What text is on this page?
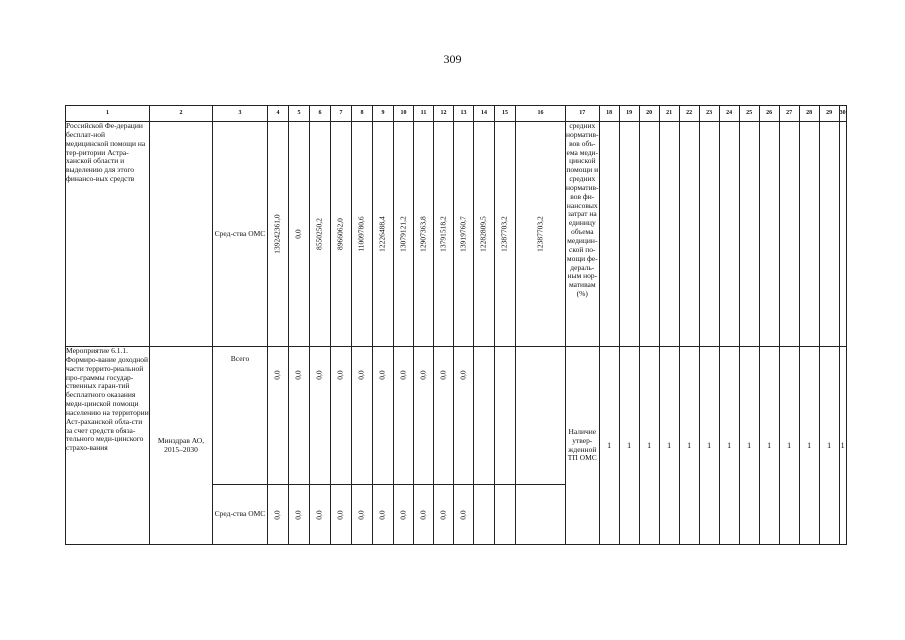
309
1	2	3	4	5	6	7	8	9	10	11	12	13	14	15	16	17	18	19	20	21	22	23	24	25	26	27	28	29	30
Российской Фе-дерации бесплат-ной медицинской помощи на тер-ритории Астра-ханской области и выделению для этого финансо-вых средств		Сред-ства ОМС	139242361,0	0,0	8550250,2	8966062,0	11009780,6	12226488,4	13079121,2	12907363,8	13791518,2	13919760,7	12282809,5	12387703,2	12387703,2	средних норматив-вов объ-ема меди-цинской помощи и средних норматив-вов фи-нансовых затрат на единицу объема медицин-ской по-мощи фе-дераль-ным нор-мативам (%)													
Мероприятие 6.1.1. Формиро-вание доходной части террито-риальной про-граммы государ-ственных гаран-тий бесплатного оказания меди-цинской помощи населению на территории Аст-раханской обла-сти за счет средств обяза-тельного меди-цинского страхо-вания	Минздрав АО, 2015–2030	Всего	0,0	0,0	0,0	0,0	0,0	0,0	0,0	0,0	0,0	0,0				Наличие утвер-жденной ТП ОМС	1	1	1	1	1	1	1	1	1	1	1	1	1
		Сред-ства ОМС	0,0	0,0	0,0	0,0	0,0	0,0	0,0	0,0	0,0	0,0																	
